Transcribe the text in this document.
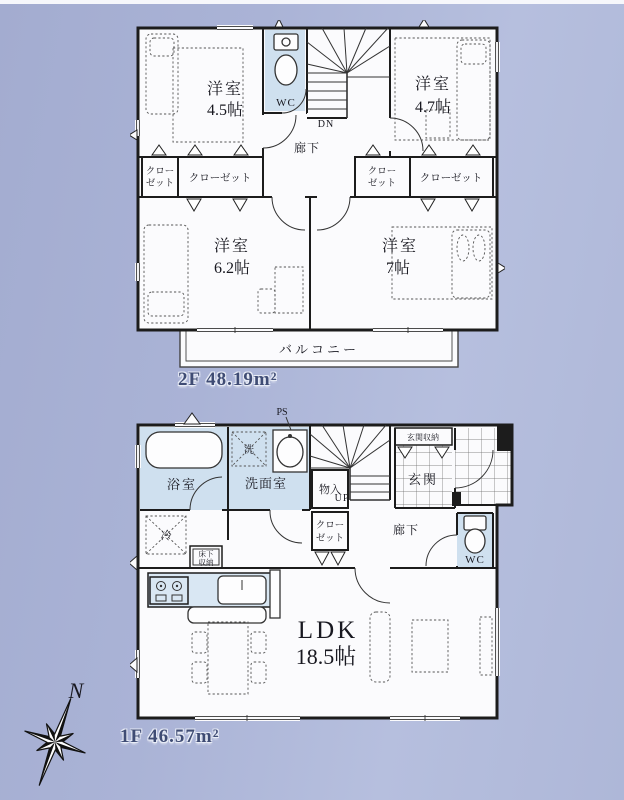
バルコニー
DN
クロー
ゼット クローゼット
クロー
ゼット クローゼット
WC
洋室
4.5帖
洋室
4.7帖
洋室
6.2帖
洋室
7帖
廊下
2F 48.19m²
UP
物入
クロー
ゼット
玄関収納
洗
浴室	洗面室
PS
玄関
廊下
WC
冷
床下
収納
LDK
18.5帖
1F 46.57m²
N
